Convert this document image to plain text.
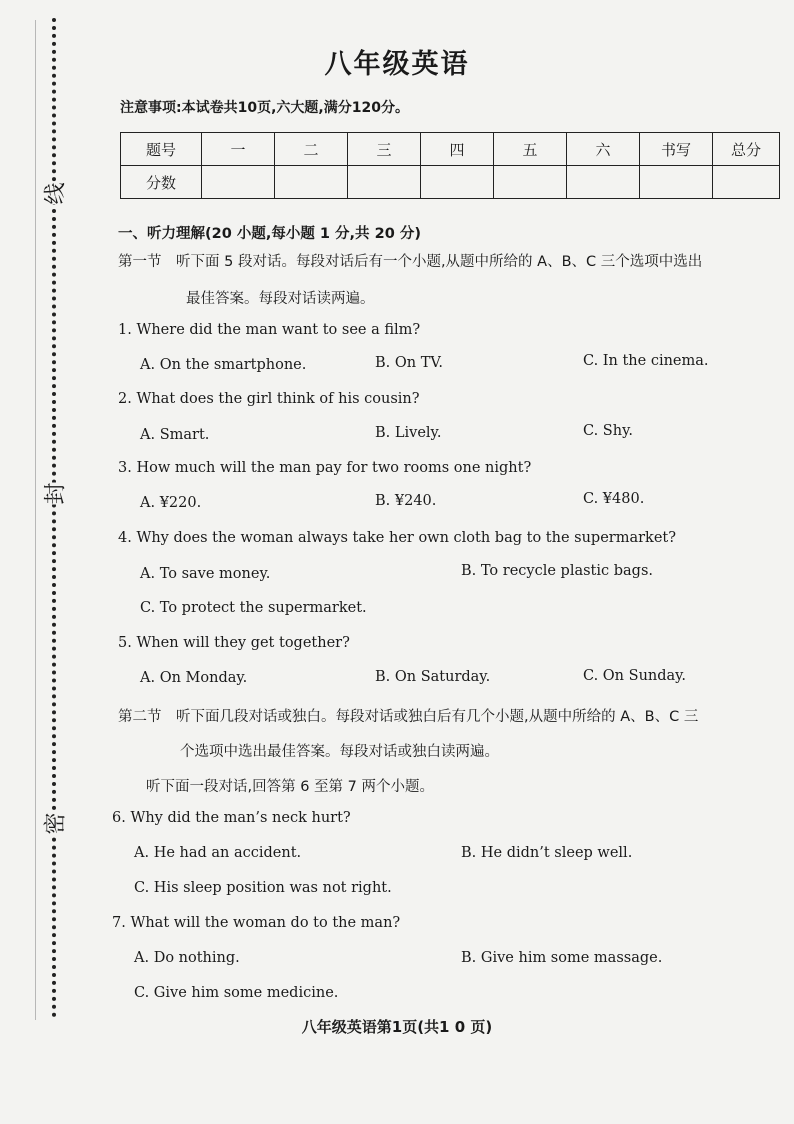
线
封
密
八年级英语
注意事项:本试卷共10页,六大题,满分120分。
题号	一	二	三	四	五	六	书写	总分
分数								
一、听力理解(20 小题,每小题 1 分,共 20 分)
第一节　听下面 5 段对话。每段对话后有一个小题,从题中所给的 A、B、C 三个选项中选出
最佳答案。每段对话读两遍。
1. Where did the man want to see a film?
A. On the smartphone.	B. On TV.	C. In the cinema.
2. What does the girl think of his cousin?
A. Smart.	B. Lively.	C. Shy.
3. How much will the man pay for two rooms one night?
A. ¥220.	B. ¥240.	C. ¥480.
4. Why does the woman always take her own cloth bag to the supermarket?
A. To save money.	B. To recycle plastic bags.
C. To protect the supermarket.
5. When will they get together?
A. On Monday.	B. On Saturday.	C. On Sunday.
第二节　听下面几段对话或独白。每段对话或独白后有几个小题,从题中所给的 A、B、C 三
个选项中选出最佳答案。每段对话或独白读两遍。
听下面一段对话,回答第 6 至第 7 两个小题。
6. Why did the man’s neck hurt?
A. He had an accident.	B. He didn’t sleep well.
C. His sleep position was not right.
7. What will the woman do to the man?
A. Do nothing.	B. Give him some massage.
C. Give him some medicine.
八年级英语第1页(共1 0 页)
